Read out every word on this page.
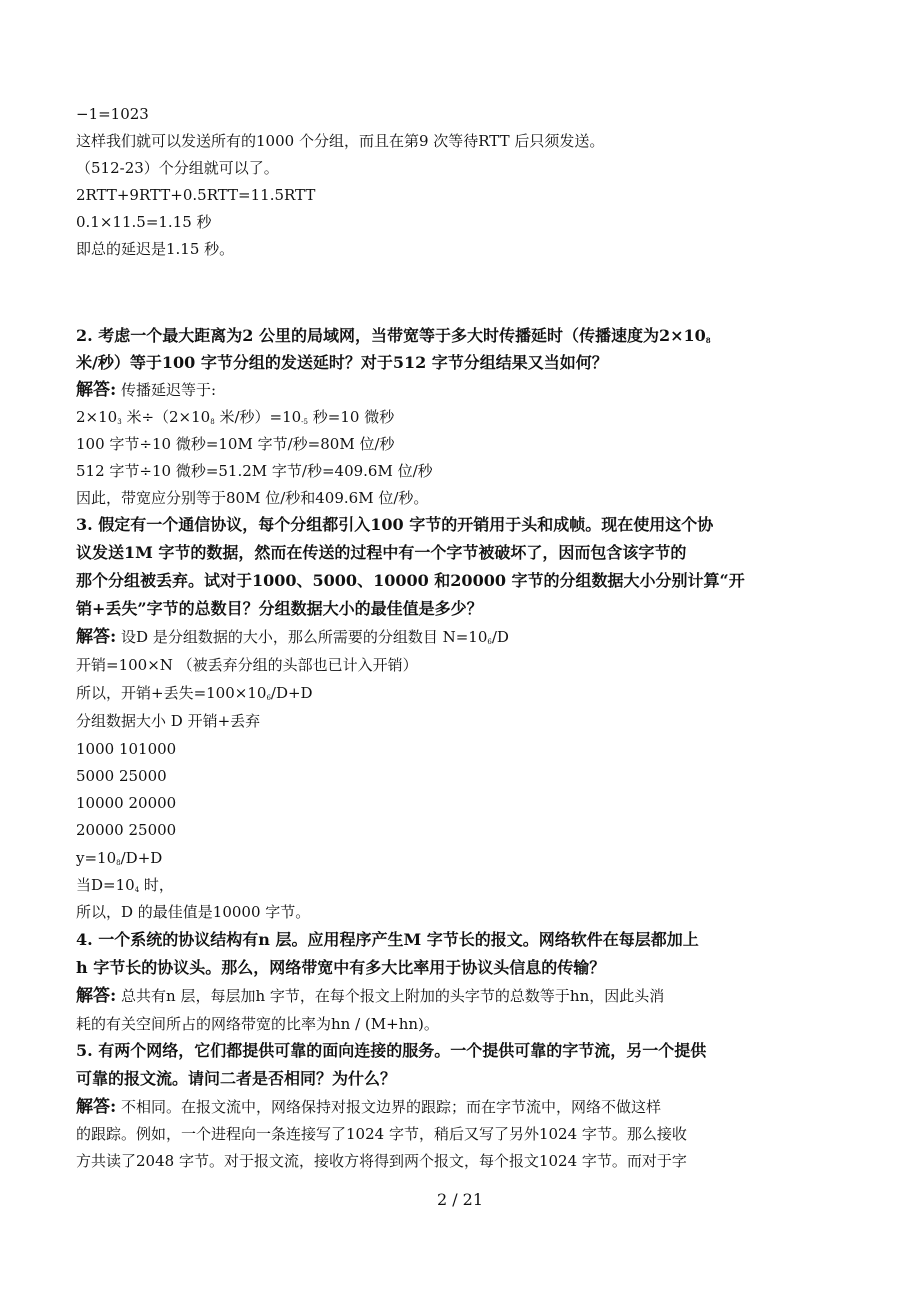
−1=1023
这样我们就可以发送所有的1000 个分组，而且在第9 次等待RTT 后只须发送。
（512-23）个分组就可以了。
2RTT+9RTT+0.5RTT=11.5RTT
0.1×11.5=1.15 秒
即总的延迟是1.15 秒。
2. 考虑一个最大距离为2 公里的局域网，当带宽等于多大时传播延时（传播速度为$2\times 10_8$
米/秒）等于100 字节分组的发送延时？对于512 字节分组结果又当如何？
解答: 传播延迟等于:
$2\times 10_3$ 米$\div(2\times 10_8$ 米/秒）$=10_{-5}$ 秒=10 微秒
100 字节÷10 微秒=10M 字节/秒=80M 位/秒
512 字节÷10 微秒=51.2M 字节/秒=409.6M 位/秒
因此，带宽应分别等于80M 位/秒和409.6M 位/秒。
3. 假定有一个通信协议，每个分组都引入100 字节的开销用于头和成帧。现在使用这个协
议发送1M 字节的数据，然而在传送的过程中有一个字节被破坏了，因而包含该字节的
那个分组被丢弃。试对于1000、5000、10000 和20000 字节的分组数据大小分别计算“开
销+丢失”字节的总数目？分组数据大小的最佳值是多少？
解答: 设D 是分组数据的大小，那么所需要的分组数目 $N=10_6/D$
开销=100×N （被丢弃分组的头部也已计入开销）
所以，开销+丢失$=100\times 10_6/D+D$
分组数据大小 D 开销+丢弃
1000 101000
5000 25000
10000 20000
20000 25000
$y=10_8/D+D$
当$D=10_4$ 时，
所以，D 的最佳值是10000 字节。
4. 一个系统的协议结构有n 层。应用程序产生M 字节长的报文。网络软件在每层都加上
h 字节长的协议头。那么，网络带宽中有多大比率用于协议头信息的传输？
解答: 总共有n 层，每层加h 字节，在每个报文上附加的头字节的总数等于hn，因此头消
耗的有关空间所占的网络带宽的比率为hn / (M+hn)。
5. 有两个网络，它们都提供可靠的面向连接的服务。一个提供可靠的字节流，另一个提供
可靠的报文流。请问二者是否相同？为什么？
解答: 不相同。在报文流中，网络保持对报文边界的跟踪；而在字节流中，网络不做这样
的跟踪。例如，一个进程向一条连接写了1024 字节，稍后又写了另外1024 字节。那么接收
方共读了2048 字节。对于报文流，接收方将得到两个报文，每个报文1024 字节。而对于字
2 / 21
